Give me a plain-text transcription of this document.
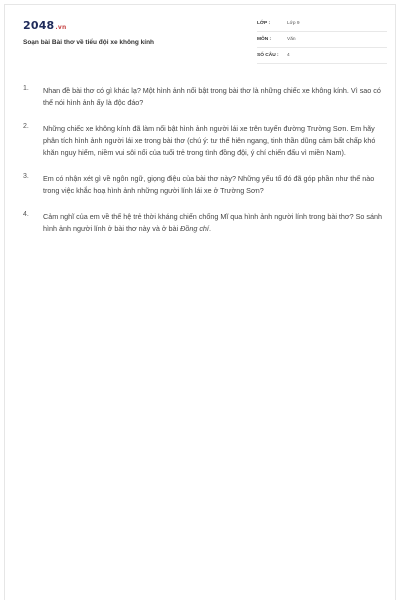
2048.vn
Soạn bài Bài thơ về tiểu đội xe không kính
LỚP :	Lớp 9
MÔN :	Văn
SỐ CÂU : 4
1. Nhan đề bài thơ có gì khác lạ? Một hình ảnh nổi bật trong bài thơ là những chiếc xe không kính. Vì sao có thể nói hình ảnh ấy là độc đáo?
2. Những chiếc xe không kính đã làm nổi bật hình ảnh người lái xe trên tuyến đường Trường Sơn. Em hãy phân tích hình ảnh người lái xe trong bài thơ (chú ý: tư thế hiên ngang, tinh thần dũng cảm bất chấp khó khăn nguy hiểm, niềm vui sôi nổi của tuổi trẻ trong tình đồng đội, ý chí chiến đấu vì miền Nam).
3. Em có nhận xét gì về ngôn ngữ, giọng điệu của bài thơ này? Những yếu tố đó đã góp phần như thế nào trong việc khắc hoạ hình ảnh những người lính lái xe ở Trường Sơn?
4. Cảm nghĩ của em về thế hệ trẻ thời kháng chiến chống Mĩ qua hình ảnh người lính trong bài thơ? So sánh hình ảnh người lính ở bài thơ này và ở bài Đồng chí.
